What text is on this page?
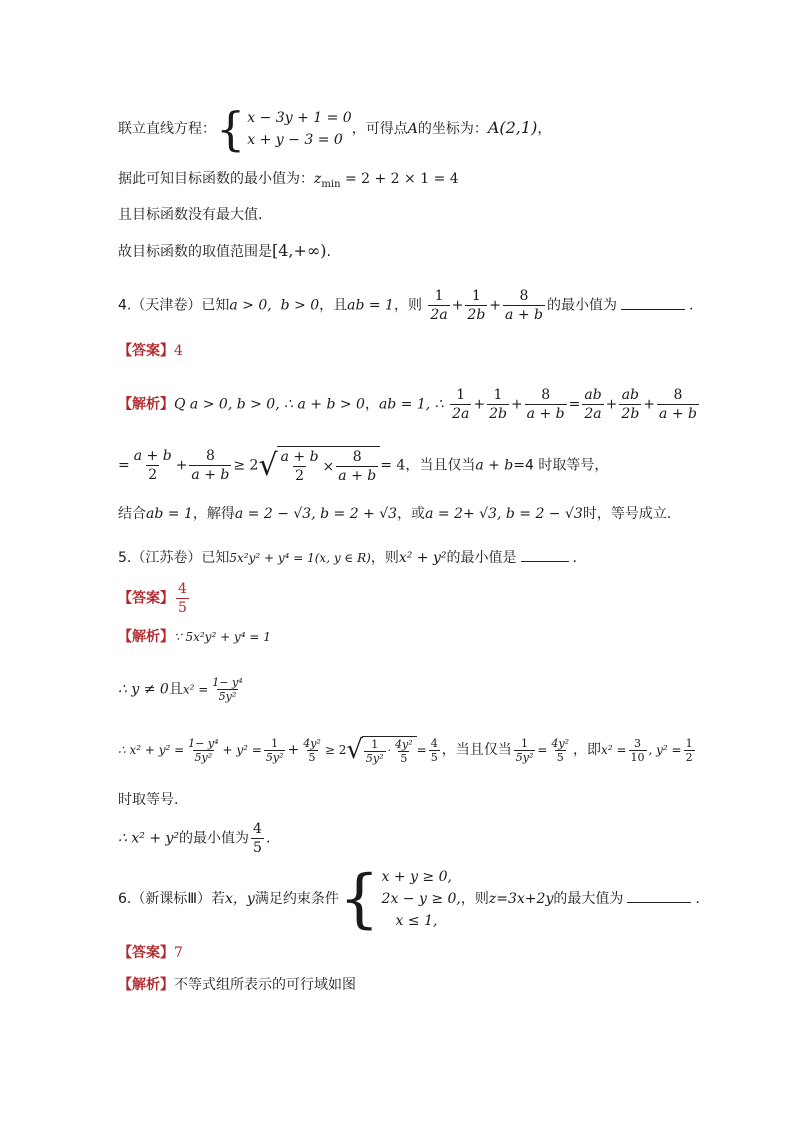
联立直线方程： { x − 3y + 1 = 0
x + y − 3 = 0
，可得点A的坐标为：A(2,1)，
据此可知目标函数的最小值为：$z_{min} = 2 + 2 \times 1 = 4$
且目标函数没有最大值.
故目标函数的取值范围是[4,+∞).
4.（天津卷）已知a > 0, b > 0，且ab = 1，则 $\frac{1}{2a} + \frac{1}{2b} + \frac{8}{a + b}$ 的最小值为	.
【答案】4
【解析】Q a > 0, b > 0, ∴ a + b > 0，ab = 1, ∴ $\frac{1}{2a} + \frac{1}{2b} + \frac{8}{a + b} = \frac{ab}{2a} + \frac{ab}{2b} + \frac{8}{a + b}$
= $\frac{a + b}{2} + \frac{8}{a + b} \ge 2$ √ $\frac{a + b}{2} \times \frac{8}{a + b} = 4$，当且仅当a + b=4 时取等号，
结合ab = 1，解得a = 2 − √3, b = 2 + √3，或a = 2+ √3, b = 2 − √3时，等号成立.
5.（江苏卷）已知5x²y² + y⁴ = 1(x, y ∈ R)，则x² + y²的最小值是	.
【答案】 $\frac{4}{5}$
【解析】∵ 5x²y² + y⁴ = 1
∴ y ≠ 0且$x^2 = \frac{\text{1− y⁴}}{\text{5y²}}$
∴ $x^2 + y^2 = \frac{\text{1− y⁴}}{\text{5y²}} + y^2 = \frac{1}{\text{5y²}} + \frac{\text{4y²}}{5} \ge 2$ √ $\frac{1}{\text{5y²}} \cdot \frac{\text{4y²}}{5} = \frac{4}{5}$ ，当且仅当 $\frac{1}{\text{5y²}} = \frac{\text{4y²}}{5}$ ，即$x^2 = \frac{3}{10}$ , $y^2 = \frac{1}{2}$
时取等号.
∴ x² + y²的最小值为 $\frac{4}{5}$ .
6.（新课标Ⅲ）若x，y满足约束条件 { x + y ≥ 0,
2x − y ≥ 0,
x ≤ 1,
，则z=3x+2y的最大值为	.
【答案】7
【解析】不等式组所表示的可行域如图
